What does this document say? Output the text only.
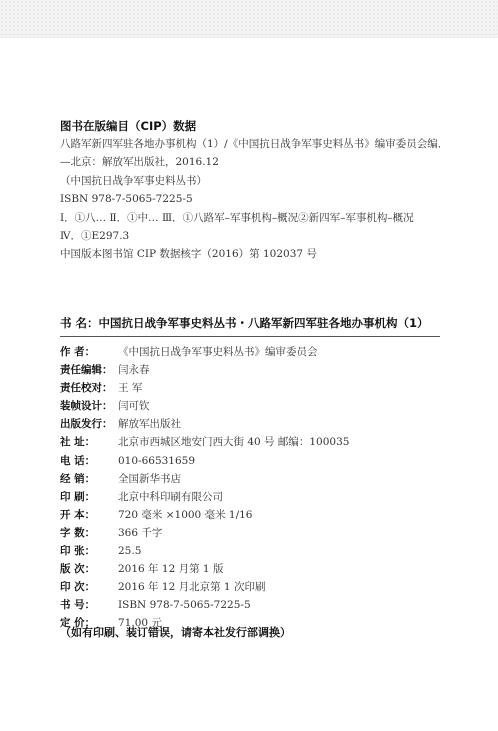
图书在版编目（CIP）数据
八路军新四军驻各地办事机构（1）/《中国抗日战争军事史料丛书》编审委员会编．
—北京：解放军出版社，2016.12
（中国抗日战争军事史料丛书）
ISBN 978-7-5065-7225-5
Ⅰ．①八… Ⅱ．①中… Ⅲ．①八路军–军事机构–概况②新四军–军事机构–概况
Ⅳ．①E297.3
中国版本图书馆 CIP 数据核字（2016）第 102037 号
书 名：中国抗日战争军事史料丛书・八路军新四军驻各地办事机构（1）
作 者：	《中国抗日战争军事史料丛书》编审委员会
责任编辑： 闫永春
责任校对： 王 军
装帧设计： 闫可钦
出版发行： 解放军出版社
社 址：	北京市西城区地安门西大街 40 号 邮编：100035
电 话：	010-66531659
经 销：	全国新华书店
印 刷：	北京中科印刷有限公司
开 本：	720 毫米 ×1000 毫米 1/16
字 数：	366 千字
印 张：	25.5
版 次：	2016 年 12 月第 1 版
印 次：	2016 年 12 月北京第 1 次印刷
书 号：	ISBN 978-7-5065-7225-5
定 价：	71.00 元
（如有印刷、装订错误，请寄本社发行部调换）
